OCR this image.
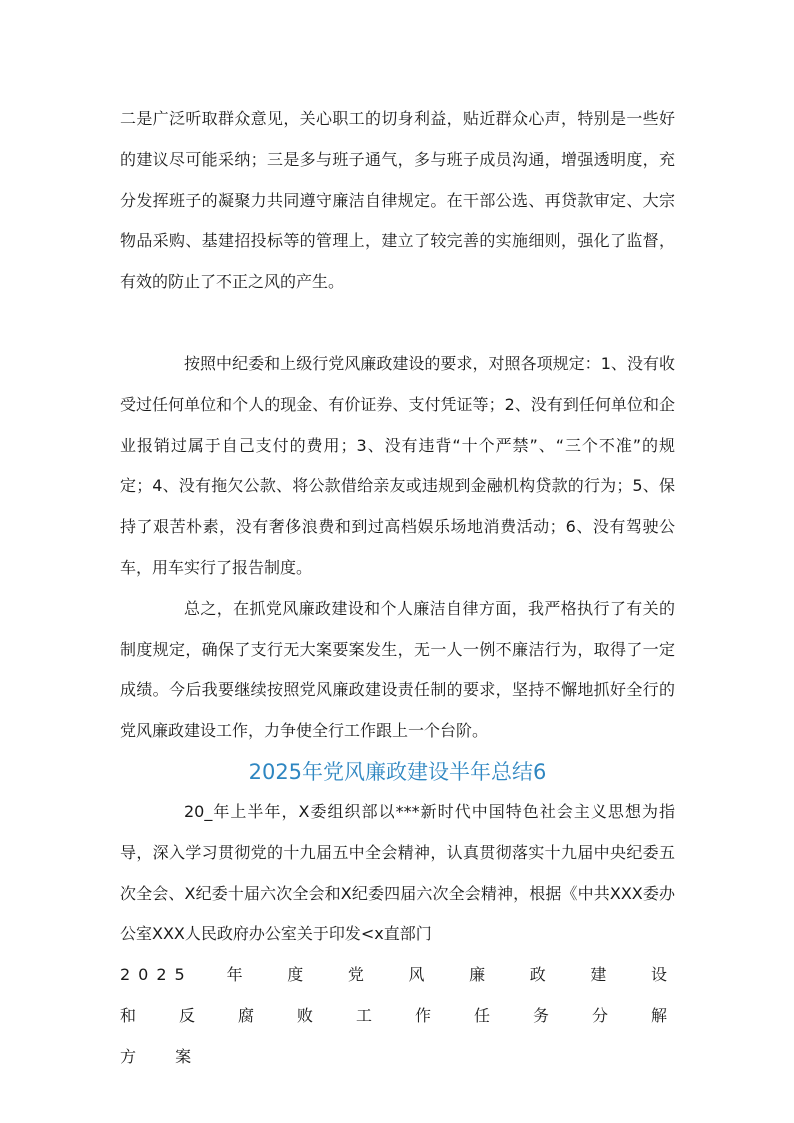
二是广泛听取群众意见，关心职工的切身利益，贴近群众心声，特别是一些好的建议尽可能采纳；三是多与班子通气，多与班子成员沟通，增强透明度，充分发挥班子的凝聚力共同遵守廉洁自律规定。在干部公选、再贷款审定、大宗物品采购、基建招投标等的管理上，建立了较完善的实施细则，强化了监督，有效的防止了不正之风的产生。

按照中纪委和上级行党风廉政建设的要求，对照各项规定：1、没有收受过任何单位和个人的现金、有价证券、支付凭证等；2、没有到任何单位和企业报销过属于自己支付的费用；3、没有违背“十个严禁”、“三个不准”的规定；4、没有拖欠公款、将公款借给亲友或违规到金融机构贷款的行为；5、保持了艰苦朴素，没有奢侈浪费和到过高档娱乐场地消费活动；6、没有驾驶公车，用车实行了报告制度。

总之，在抓党风廉政建设和个人廉洁自律方面，我严格执行了有关的制度规定，确保了支行无大案要案发生，无一人一例不廉洁行为，取得了一定成绩。今后我要继续按照党风廉政建设责任制的要求，坚持不懈地抓好全行的党风廉政建设工作，力争使全行工作跟上一个台阶。

2025年党风廉政建设半年总结6

20_年上半年，X委组织部以***新时代中国特色社会主义思想为指导，深入学习贯彻党的十九届五中全会精神，认真贯彻落实十九届中央纪委五次全会、X纪委十届六次全会和X纪委四届六次全会精神，根据《中共XXX委办公室XXX人民政府办公室关于印发<x直部门

2025 年 度 党 风 廉 政 建 设 和 反 腐 败 工 作 任 务 分 解 方 案
